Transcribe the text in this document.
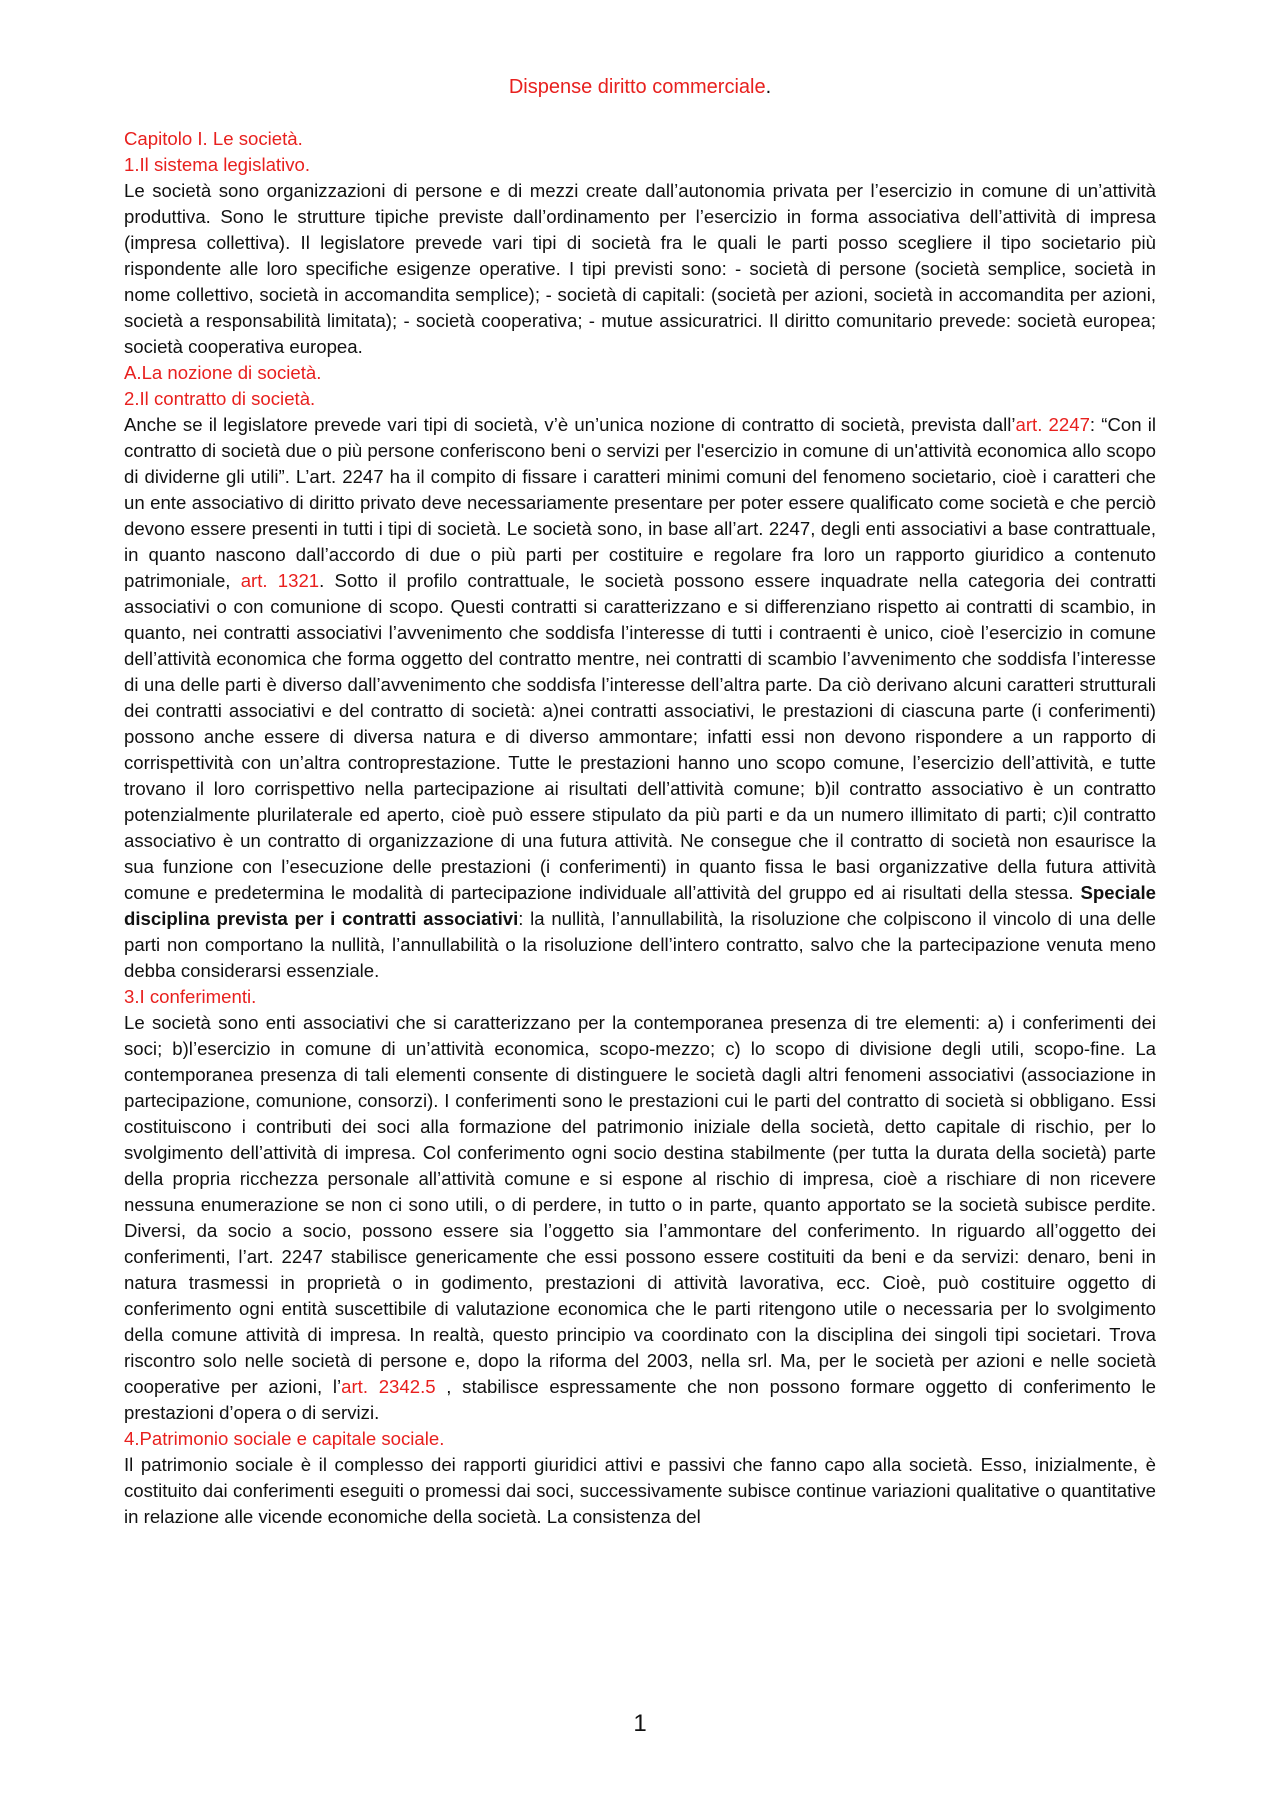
Dispense diritto commerciale.

Capitolo I. Le società.

1.Il sistema legislativo.

Le società sono organizzazioni di persone e di mezzi create dall’autonomia privata per l’esercizio in comune di un’attività produttiva. Sono le strutture tipiche previste dall’ordinamento per l’esercizio in forma associativa dell’attività di impresa (impresa collettiva). Il legislatore prevede vari tipi di società fra le quali le parti posso scegliere il tipo societario più rispondente alle loro specifiche esigenze operative. I tipi previsti sono: - società di persone (società semplice, società in nome collettivo, società in accomandita semplice); - società di capitali: (società per azioni, società in accomandita per azioni, società a responsabilità limitata); - società cooperativa; - mutue assicuratrici. Il diritto comunitario prevede: società europea; società cooperativa europea.

A.La nozione di società.

2.Il contratto di società.

Anche se il legislatore prevede vari tipi di società, v’è un’unica nozione di contratto di società, prevista dall’art. 2247: “Con il contratto di società due o più persone conferiscono beni o servizi per l'esercizio in comune di un'attività economica allo scopo di dividerne gli utili”. L’art. 2247 ha il compito di fissare i caratteri minimi comuni del fenomeno societario, cioè i caratteri che un ente associativo di diritto privato deve necessariamente presentare per poter essere qualificato come società e che perciò devono essere presenti in tutti i tipi di società. Le società sono, in base all’art. 2247, degli enti associativi a base contrattuale, in quanto nascono dall’accordo di due o più parti per costituire e regolare fra loro un rapporto giuridico a contenuto patrimoniale, art. 1321. Sotto il profilo contrattuale, le società possono essere inquadrate nella categoria dei contratti associativi o con comunione di scopo. Questi contratti si caratterizzano e si differenziano rispetto ai contratti di scambio, in quanto, nei contratti associativi l’avvenimento che soddisfa l’interesse di tutti i contraenti è unico, cioè l’esercizio in comune dell’attività economica che forma oggetto del contratto mentre, nei contratti di scambio l’avvenimento che soddisfa l’interesse di una delle parti è diverso dall’avvenimento che soddisfa l’interesse dell’altra parte. Da ciò derivano alcuni caratteri strutturali dei contratti associativi e del contratto di società: a)nei contratti associativi, le prestazioni di ciascuna parte (i conferimenti) possono anche essere di diversa natura e di diverso ammontare; infatti essi non devono rispondere a un rapporto di corrispettività con un’altra controprestazione. Tutte le prestazioni hanno uno scopo comune, l’esercizio dell’attività, e tutte trovano il loro corrispettivo nella partecipazione ai risultati dell’attività comune; b)il contratto associativo è un contratto potenzialmente plurilaterale ed aperto, cioè può essere stipulato da più parti e da un numero illimitato di parti; c)il contratto associativo è un contratto di organizzazione di una futura attività. Ne consegue che il contratto di società non esaurisce la sua funzione con l’esecuzione delle prestazioni (i conferimenti) in quanto fissa le basi organizzative della futura attività comune e predetermina le modalità di partecipazione individuale all’attività del gruppo ed ai risultati della stessa. Speciale disciplina prevista per i contratti associativi: la nullità, l’annullabilità, la risoluzione che colpiscono il vincolo di una delle parti non comportano la nullità, l’annullabilità o la risoluzione dell’intero contratto, salvo che la partecipazione venuta meno debba considerarsi essenziale.

3.I conferimenti.

Le società sono enti associativi che si caratterizzano per la contemporanea presenza di tre elementi: a) i conferimenti dei soci; b)l’esercizio in comune di un’attività economica, scopo-mezzo; c) lo scopo di divisione degli utili, scopo-fine. La contemporanea presenza di tali elementi consente di distinguere le società dagli altri fenomeni associativi (associazione in partecipazione, comunione, consorzi). I conferimenti sono le prestazioni cui le parti del contratto di società si obbligano. Essi costituiscono i contributi dei soci alla formazione del patrimonio iniziale della società, detto capitale di rischio, per lo svolgimento dell’attività di impresa. Col conferimento ogni socio destina stabilmente (per tutta la durata della società) parte della propria ricchezza personale all’attività comune e si espone al rischio di impresa, cioè a rischiare di non ricevere nessuna enumerazione se non ci sono utili, o di perdere, in tutto o in parte, quanto apportato se la società subisce perdite. Diversi, da socio a socio, possono essere sia l’oggetto sia l’ammontare del conferimento. In riguardo all’oggetto dei conferimenti, l’art. 2247 stabilisce genericamente che essi possono essere costituiti da beni e da servizi: denaro, beni in natura trasmessi in proprietà o in godimento, prestazioni di attività lavorativa, ecc. Cioè, può costituire oggetto di conferimento ogni entità suscettibile di valutazione economica che le parti ritengono utile o necessaria per lo svolgimento della comune attività di impresa. In realtà, questo principio va coordinato con la disciplina dei singoli tipi societari. Trova riscontro solo nelle società di persone e, dopo la riforma del 2003, nella srl. Ma, per le società per azioni e nelle società cooperative per azioni, l’art. 2342.5 , stabilisce espressamente che non possono formare oggetto di conferimento le prestazioni d’opera o di servizi.

4.Patrimonio sociale e capitale sociale.

Il patrimonio sociale è il complesso dei rapporti giuridici attivi e passivi che fanno capo alla società. Esso, inizialmente, è costituito dai conferimenti eseguiti o promessi dai soci, successivamente subisce continue variazioni qualitative o quantitative in relazione alle vicende economiche della società. La consistenza del

1
